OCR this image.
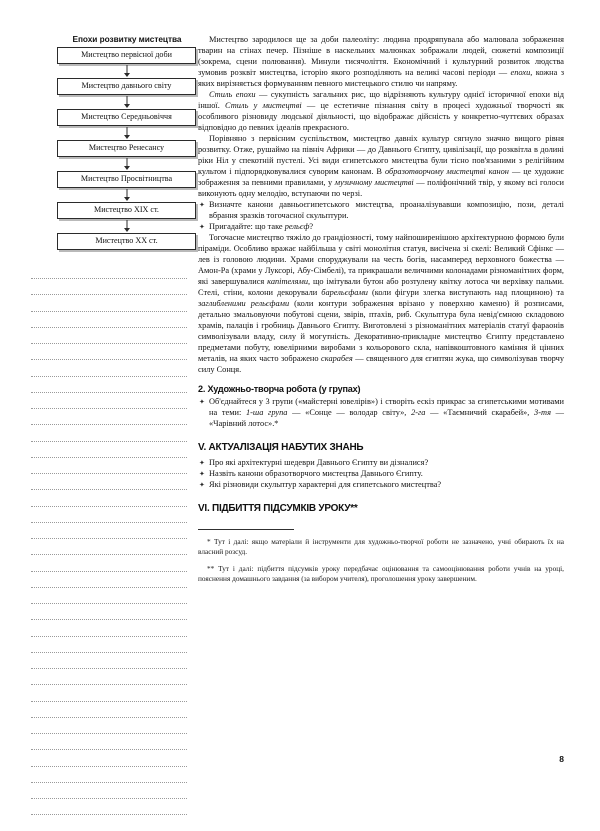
Епохи розвитку мистецтва
Мистецтво первісної доби
Мистецтво давнього світу
Мистецтво Середньовіччя
Мистецтво Ренесансу
Мистецтво Просвітництва
Мистецтво XIX ст.
Мистецтво XX ст.

Мистецтво зародилося ще за доби палеоліту: людина продряпувала або малювала зображення тварин на стінах печер. Пізніше в наскельних малюнках зображали людей, сюжетні композиції (зокрема, сцени полювання). Минули тисячоліття. Економічний і культурний розвиток людства зумовив розквіт мистецтва, історію якого розподіляють на великі часові періоди — епохи, кожна з яких вирізняється формуванням певного мистецького стилю чи напряму.

Стиль епохи — сукупність загальних рис, що відрізняють культуру однієї історичної епохи від іншої. Стиль у мистецтві — це естетичне пізнання світу в процесі художньої творчості як особливого різновиду людської діяльності, що відображає дійсність у конкретно-чуттєвих образах відповідно до певних ідеалів прекрасного.

Порівняно з первісним суспільством, мистецтво давніх культур сягнуло значно вищого рівня розвитку. Отже, рушаймо на північ Африки — до Давнього Єгипту, цивілізації, що розквітла в долині ріки Ніл у спекотній пустелі. Усі види єгипетського мистецтва були тісно пов'язаними з релігійним культом і підпорядковувалися суворим канонам. В образотворчому мистецтві канон — це художнє зображення за певними правилами, у музичному мистецтві — поліфонічний твір, у якому всі голоси виконують одну мелодію, вступаючи по черзі.

✦ Визначте канони давньоєгипетського мистецтва, проаналізувавши композицію, пози, деталі вбрання зразків тогочасної скульптури.
✦ Пригадайте: що таке рельєф?

Тогочасне мистецтво тяжіло до грандіозності, тому найпоширенішою архітектурною формою були піраміди. Особливо вражає найбільша у світі монолітня статуя, висічена зі скелі: Великий Сфінкс — лев із головою людини. Храми споруджували на честь богів, насамперед верховного божества — Амон-Ра (храми у Луксорі, Абу-Сімбелі), та прикрашали величними колонадами різноманітних форм, які завершувалися капітелями, що імітували бутон або розтулену квітку лотоса чи верхівку пальми. Стелі, стіни, колони декорували барельєфами (коли фігури злегка виступають над площиною) та заглибленими рельєфами (коли контури зображення врізано у поверхню каменю) й розписами, детально змальовуючи побутові сцени, звірів, птахів, риб. Скульптура була невід'ємною складовою храмів, палаців і гробниць Давнього Єгипту. Виготовлені з різноманітних матеріалів статуї фараонів символізували владу, силу й могутність. Декоративно-прикладне мистецтво Єгипту представлено предметами побуту, ювелірними виробами з кольорового скла, напівкоштовного каміння й цінних металів, на яких часто зображено скарабея — священного для єгиптян жука, що символізував творчу силу Сонця.

2. Художньо-творча робота (у групах)
✦ Об'єднайтеся у 3 групи («майстерні ювелірів») і створіть ескіз прикрас за єгипетськими мотивами на теми: 1-ша група — «Сонце — володар світу», 2-га — «Таємничий скарабей», 3-тя — «Чарівний лотос».*
V. АКТУАЛІЗАЦІЯ НАБУТИХ ЗНАНЬ
✦ Про які архітектурні шедеври Давнього Єгипту ви дізналися?
✦ Назвіть канони образотворчого мистецтва Давнього Єгипту.
✦ Які різновиди скульптур характерні для єгипетського мистецтва?
VI. ПІДБИТТЯ ПІДСУМКІВ УРОКУ**

* Тут і далі: якщо матеріали й інструменти для художньо-творчої роботи не зазначено, учні обирають їх на власний розсуд.

** Тут і далі: підбиття підсумків уроку передбачає оцінювання та самооцінювання роботи учнів на уроці, пояснення домашнього завдання (за вибором учителя), проголошення уроку завершеним.

8
